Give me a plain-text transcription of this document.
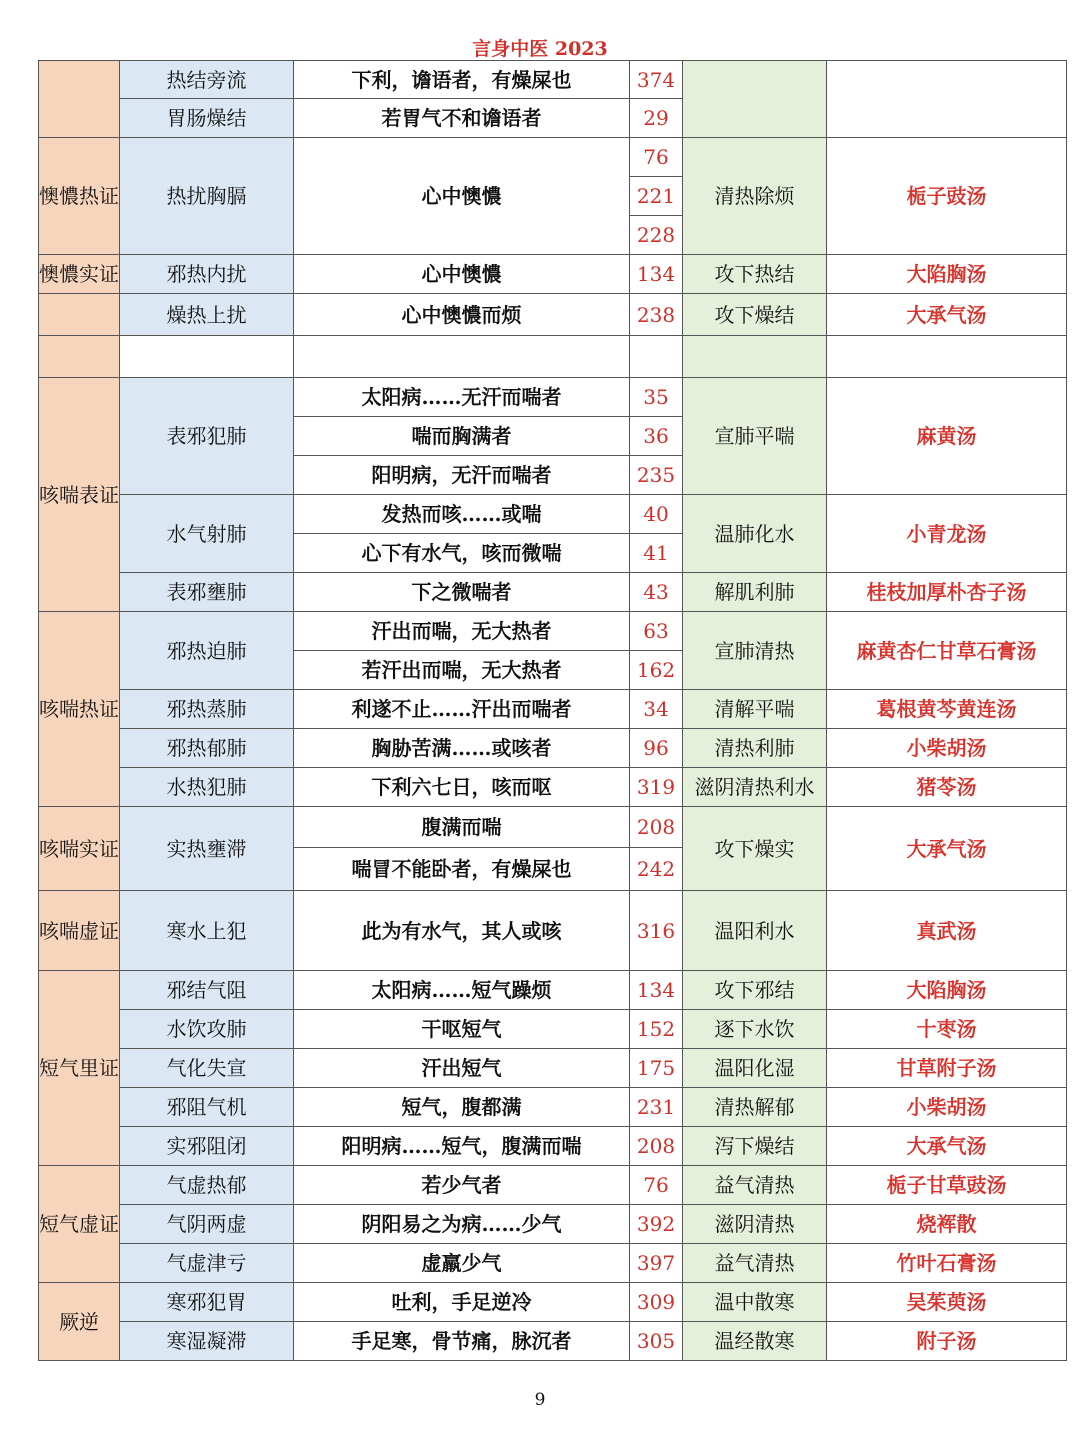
言身中医 2023
	热结旁流	下利，谵语者，有燥屎也	374		
	胃肠燥结	若胃气不和谵语者	29		
懊憹热证	热扰胸膈	心中懊憹	76	清热除烦	栀子豉汤
			221		
			228		
懊憹实证	邪热内扰	心中懊憹	134	攻下热结	大陷胸汤
	燥热上扰	心中懊憹而烦	238	攻下燥结	大承气汤

咳喘表证	表邪犯肺	太阳病……无汗而喘者	35	宣肺平喘	麻黄汤
		喘而胸满者	36		
		阳明病，无汗而喘者	235		
	水气射肺	发热而咳……或喘	40	温肺化水	小青龙汤
		心下有水气，咳而微喘	41		
	表邪壅肺	下之微喘者	43	解肌利肺	桂枝加厚朴杏子汤
咳喘热证	邪热迫肺	汗出而喘，无大热者	63	宣肺清热	麻黄杏仁甘草石膏汤
		若汗出而喘，无大热者	162		
	邪热蒸肺	利遂不止……汗出而喘者	34	清解平喘	葛根黄芩黄连汤
	邪热郁肺	胸胁苦满……或咳者	96	清热利肺	小柴胡汤
	水热犯肺	下利六七日，咳而呕	319	滋阴清热利水	猪苓汤
咳喘实证	实热壅滞	腹满而喘	208	攻下燥实	大承气汤
		喘冒不能卧者，有燥屎也	242		
咳喘虚证	寒水上犯	此为有水气，其人或咳	316	温阳利水	真武汤
短气里证	邪结气阻	太阳病……短气躁烦	134	攻下邪结	大陷胸汤
	水饮攻肺	干呕短气	152	逐下水饮	十枣汤
	气化失宣	汗出短气	175	温阳化湿	甘草附子汤
	邪阻气机	短气，腹都满	231	清热解郁	小柴胡汤
	实邪阻闭	阳明病……短气，腹满而喘	208	泻下燥结	大承气汤
短气虚证	气虚热郁	若少气者	76	益气清热	栀子甘草豉汤
	气阴两虚	阴阳易之为病……少气	392	滋阴清热	烧裈散
	气虚津亏	虚羸少气	397	益气清热	竹叶石膏汤
厥逆	寒邪犯胃	吐利，手足逆冷	309	温中散寒	吴茱萸汤
	寒湿凝滞	手足寒，骨节痛，脉沉者	305	温经散寒	附子汤
9
